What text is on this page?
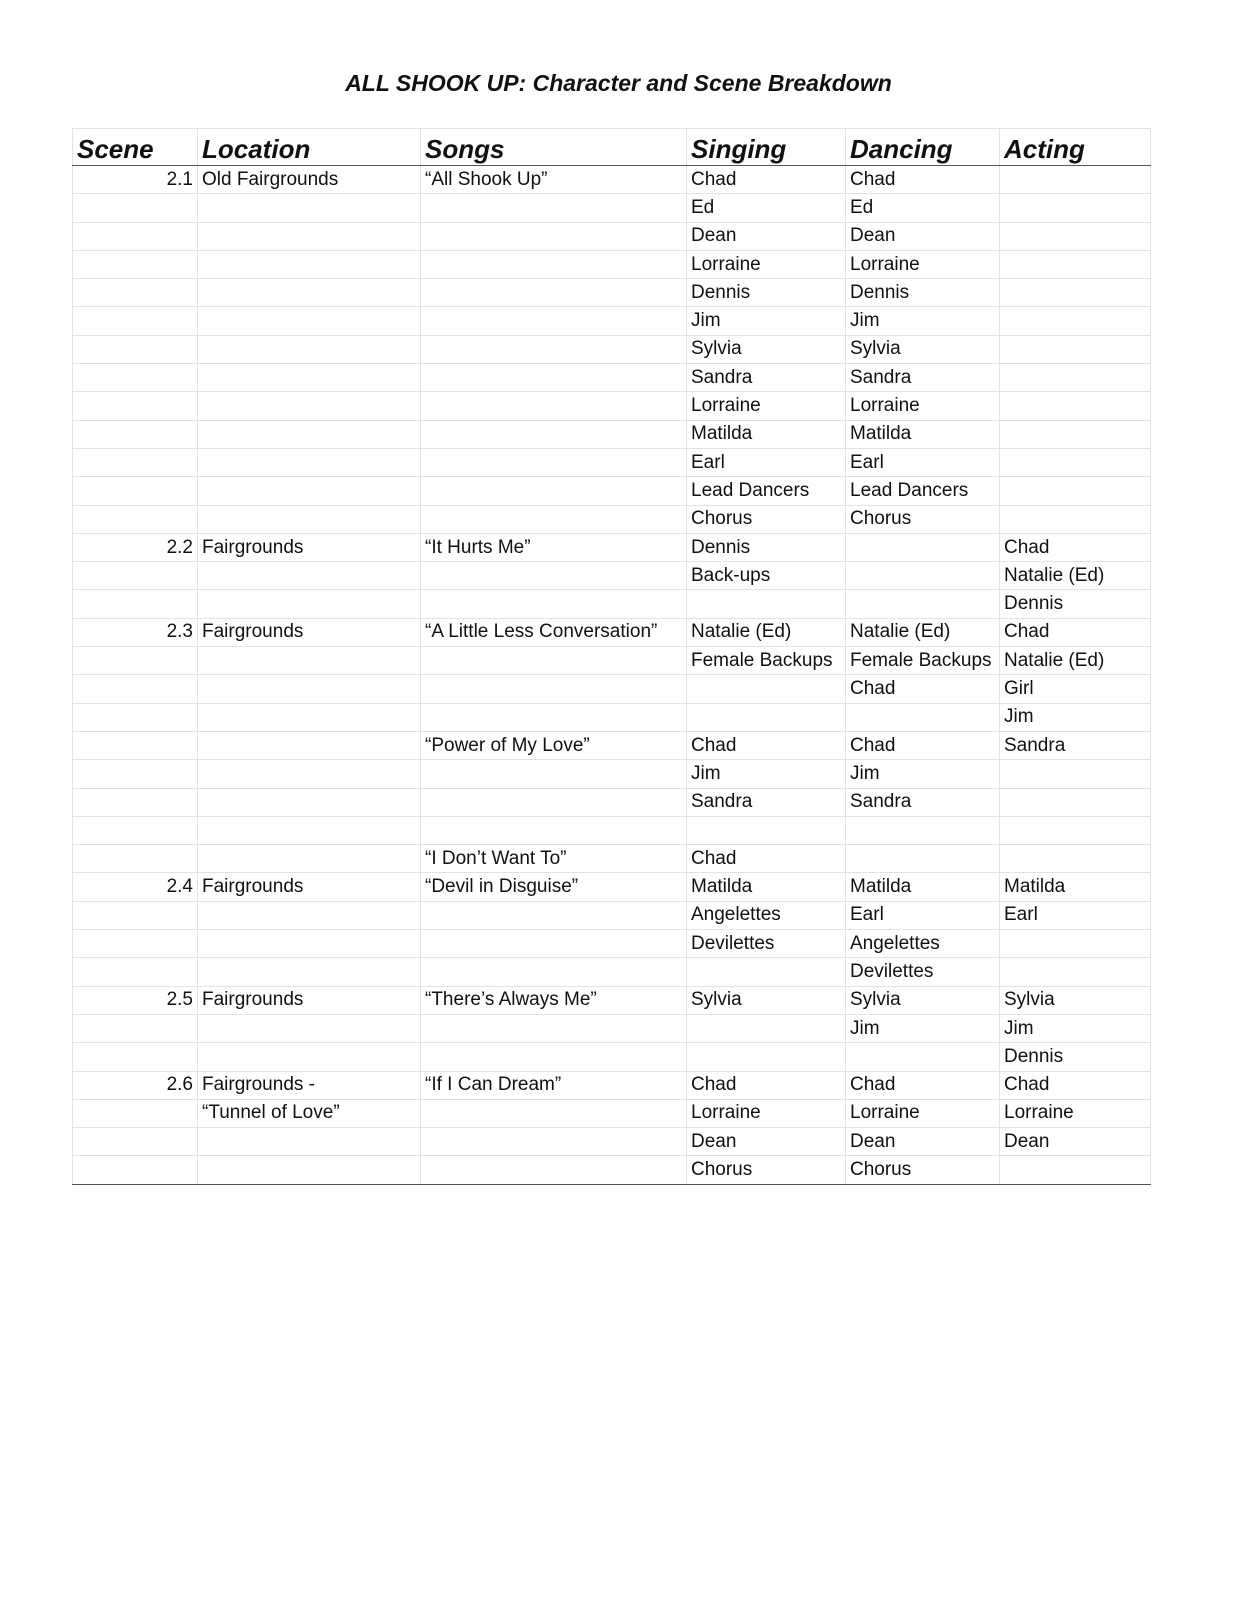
ALL SHOOK UP: Character and Scene Breakdown
Scene	Location	Songs	Singing	Dancing	Acting
2.1	Old Fairgrounds	“All Shook Up”	Chad	Chad	
			Ed	Ed	
			Dean	Dean	
			Lorraine	Lorraine	
			Dennis	Dennis	
			Jim	Jim	
			Sylvia	Sylvia	
			Sandra	Sandra	
			Lorraine	Lorraine	
			Matilda	Matilda	
			Earl	Earl	
			Lead Dancers	Lead Dancers	
			Chorus	Chorus	
2.2	Fairgrounds	“It Hurts Me”	Dennis		Chad
			Back-ups		Natalie (Ed)
					Dennis
2.3	Fairgrounds	“A Little Less Conversation”	Natalie (Ed)	Natalie (Ed)	Chad
			Female Backups	Female Backups	Natalie (Ed)
				Chad	Girl
					Jim
		“Power of My Love”	Chad	Chad	Sandra
			Jim	Jim	
			Sandra	Sandra	

		“I Don’t Want To”	Chad		
2.4	Fairgrounds	“Devil in Disguise”	Matilda	Matilda	Matilda
			Angelettes	Earl	Earl
			Devilettes	Angelettes	
				Devilettes	
2.5	Fairgrounds	“There’s Always Me”	Sylvia	Sylvia	Sylvia
				Jim	Jim
					Dennis
2.6	Fairgrounds -	“If I Can Dream”	Chad	Chad	Chad
	“Tunnel of Love”		Lorraine	Lorraine	Lorraine
			Dean	Dean	Dean
			Chorus	Chorus	
